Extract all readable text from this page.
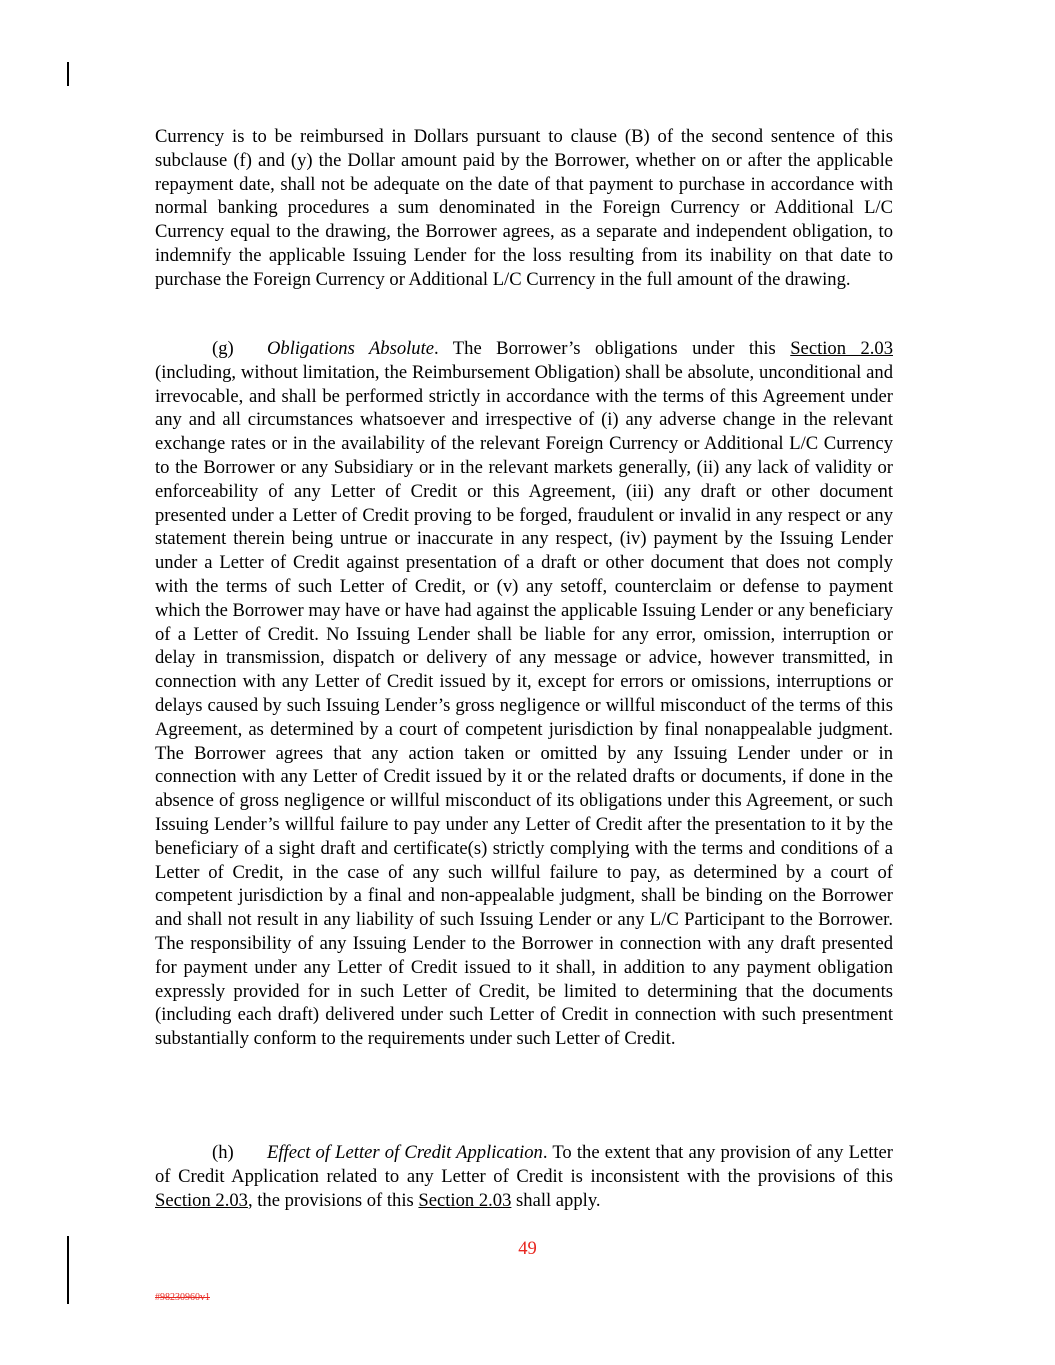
Currency is to be reimbursed in Dollars pursuant to clause (B) of the second sentence of this subclause (f) and (y) the Dollar amount paid by the Borrower, whether on or after the applicable repayment date, shall not be adequate on the date of that payment to purchase in accordance with normal banking procedures a sum denominated in the Foreign Currency or Additional L/C Currency equal to the drawing, the Borrower agrees, as a separate and independent obligation, to indemnify the applicable Issuing Lender for the loss resulting from its inability on that date to purchase the Foreign Currency or Additional L/C Currency in the full amount of the drawing.

(g) Obligations Absolute. The Borrower’s obligations under this Section 2.03 (including, without limitation, the Reimbursement Obligation) shall be absolute, unconditional and irrevocable, and shall be performed strictly in accordance with the terms of this Agreement under any and all circumstances whatsoever and irrespective of (i) any adverse change in the relevant exchange rates or in the availability of the relevant Foreign Currency or Additional L/C Currency to the Borrower or any Subsidiary or in the relevant markets generally, (ii) any lack of validity or enforceability of any Letter of Credit or this Agreement, (iii) any draft or other document presented under a Letter of Credit proving to be forged, fraudulent or invalid in any respect or any statement therein being untrue or inaccurate in any respect, (iv) payment by the Issuing Lender under a Letter of Credit against presentation of a draft or other document that does not comply with the terms of such Letter of Credit, or (v) any setoff, counterclaim or defense to payment which the Borrower may have or have had against the applicable Issuing Lender or any beneficiary of a Letter of Credit. No Issuing Lender shall be liable for any error, omission, interruption or delay in transmission, dispatch or delivery of any message or advice, however transmitted, in connection with any Letter of Credit issued by it, except for errors or omissions, interruptions or delays caused by such Issuing Lender’s gross negligence or willful misconduct of the terms of this Agreement, as determined by a court of competent jurisdiction by final nonappealable judgment. The Borrower agrees that any action taken or omitted by any Issuing Lender under or in connection with any Letter of Credit issued by it or the related drafts or documents, if done in the absence of gross negligence or willful misconduct of its obligations under this Agreement, or such Issuing Lender’s willful failure to pay under any Letter of Credit after the presentation to it by the beneficiary of a sight draft and certificate(s) strictly complying with the terms and conditions of a Letter of Credit, in the case of any such willful failure to pay, as determined by a court of competent jurisdiction by a final and non-appealable judgment, shall be binding on the Borrower and shall not result in any liability of such Issuing Lender or any L/C Participant to the Borrower. The responsibility of any Issuing Lender to the Borrower in connection with any draft presented for payment under any Letter of Credit issued to it shall, in addition to any payment obligation expressly provided for in such Letter of Credit, be limited to determining that the documents (including each draft) delivered under such Letter of Credit in connection with such presentment substantially conform to the requirements under such Letter of Credit.

(h) Effect of Letter of Credit Application. To the extent that any provision of any Letter of Credit Application related to any Letter of Credit is inconsistent with the provisions of this Section 2.03, the provisions of this Section 2.03 shall apply.

49
#98230960v1
